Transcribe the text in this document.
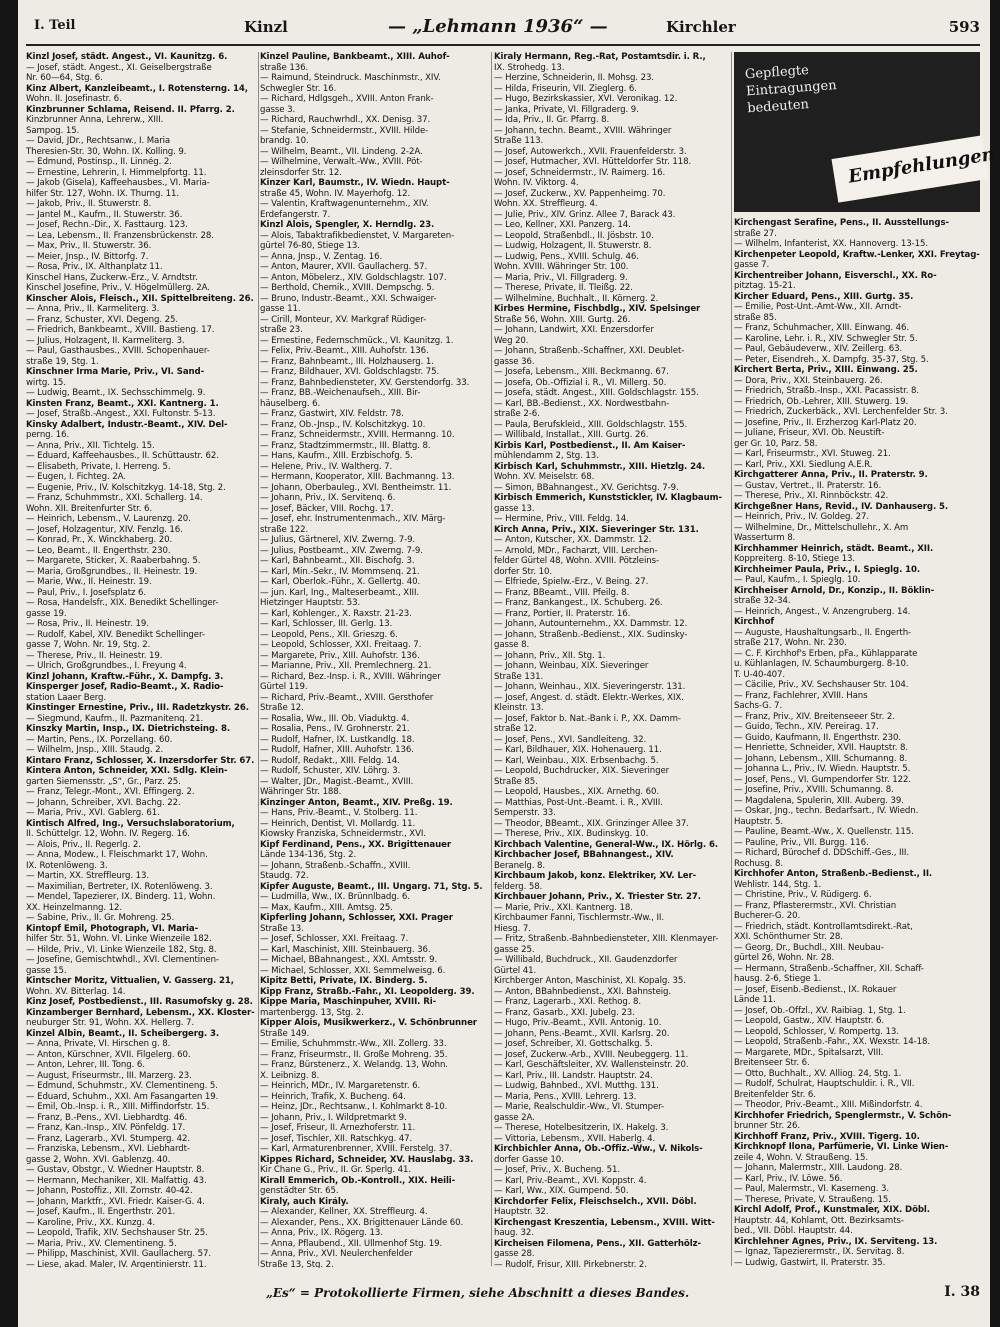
I. Teil	Kinzl	— „Lehmann 1936“ —	Kirchler	593
Kinzl Josef, städt. Angest., VI. Kaunitzg. 6.
— Josef, städt. Angest., XI. Geiselbergstraße
Nr. 60—64, Stg. 6.
Kinz Albert, Kanzleibeamt., I. Rotensterng. 14,
Wohn. II. Josefinastr. 6.
Kinzbrunner Schlama, Reisend. II. Pfarrg. 2.
Kinzbrunner Anna, Lehrerw., XIII.
Sampog. 15.
— David, JDr., Rechtsanw., I. Maria
Theresien-Str. 30, Wohn. IX. Kolling. 9.
— Edmund, Postinsp., II. Linnég. 2.
— Ernestine, Lehrerin, I. Himmelpfortg. 11.
— Jakob (Gisela), Kaffeehausbes., VI. Maria-
hilfer Str. 127, Wohn. IX. Thurng. 11.
— Jakob, Priv., II. Stuwerstr. 8.
— Jantel M., Kaufm., II. Stuwerstr. 36.
— Josef, Rechn.-Dir., X. Fasttaurg. 123.
— Lea, Lebensm., II. Franzensbrückenstr. 28.
— Max, Priv., II. Stuwerstr. 36.
— Meier, Jnsp., IV. Bittorfg. 7.
— Rosa, Priv., IX. Althanplatz 11.
Kinschel Hans, Zuckerw.-Erz., V. Arndtstr.
Kinschel Josefine, Priv., V. Högelmüllerg. 2A.
Kinscher Alois, Fleisch., XII. Spittelbreiteng. 26.
— Anna, Priv., II. Karmeliterg. 3.
— Franz, Schuster, XVI. Degeng. 25.
— Friedrich, Bankbeamt., XVIII. Bastieng. 17.
— Julius, Holzagent, II. Karmeliterg. 3.
— Paul, Gasthausbes., XVIII. Schopenhauer-
straße 19, Stg. 1.
Kinschner Irma Marie, Priv., VI. Sand-
wirtg. 15.
— Ludwig, Beamt., IX. Sechsschimmelg. 9.
Kinsten Franz, Beamt., XXI. Kantnerg. 1.
— Josef, Straßb.-Angest., XXI. Fultonstr. 5-13.
Kinsky Adalbert, Industr.-Beamt., XIV. Del-
perng. 16.
— Anna, Priv., XII. Tichtelg. 15.
— Eduard, Kaffeehausbes., II. Schüttaustr. 62.
— Elisabeth, Private, I. Herreng. 5.
— Eugen, I. Fichteg. 2A.
— Eugenie, Priv., IV. Kolschitzkyg. 14-18, Stg. 2.
— Franz, Schuhmmstr., XXI. Schallerg. 14.
Wohn. XII. Breitenfurter Str. 6.
— Heinrich, Lebensm., V. Laurenzg. 20.
— Josef, Holzagentur, XIV. Fenzlg. 16.
— Konrad, Pr., X. Winckhaberg. 20.
— Leo, Beamt., II. Engerthstr. 230.
— Margarete, Sticker, X. Raaberbahng. 5.
— Maria, Großgrundbes., II. Heinestr. 19.
— Marie, Ww., II. Heinestr. 19.
— Paul, Priv., I. Josefsplatz 6.
— Rosa, Handelsfr., XIX. Benedikt Schellinger-
gasse 19.
— Rosa, Priv., II. Heinestr. 19.
— Rudolf, Kabel, XIV. Benedikt Schellinger-
gasse 7, Wohn. Nr. 19, Stg. 2.
— Therese, Priv., II. Heinestr. 19.
— Ulrich, Großgrundbes., I. Freyung 4.
Kinzl Johann, Kraftw.-Führ., X. Dampfg. 3.
Kinsperger Josef, Radio-Beamt., X. Radio-
station Laaer Berg.
Kinstinger Ernestine, Priv., III. Radetzkystr. 26.
— Siegmund, Kaufm., II. Pazmanitenq. 21.
Kinszky Martin, Insp., IX. Dietrichsteing. 8.
— Martin, Pens., IX. Porzellang. 60.
— Wilhelm, Jnsp., XIII. Staudg. 2.
Kintaro Franz, Schlosser, X. Inzersdorfer Str. 67.
Kintera Anton, Schneider, XXI. Sdlg. Klein-
garten Siemensstr. „S“, Gr., Parz. 25.
— Franz, Telegr.-Mont., XVI. Effingerg. 2.
— Johann, Schreiber, XVI. Bachg. 22.
— Maria, Priv., XVI. Gablerg. 61.
Kintisch Alfred, Ing., Versuchslaboratorium,
II. Schüttelgr. 12, Wohn. IV. Regerg. 16.
— Alois, Priv., II. Regerlg. 2.
— Anna, Modew., I. Fleischmarkt 17, Wohn.
IX. Rotenlöweng. 3.
— Martin, XX. Streffleurg. 13.
— Maximilian, Bertreter, IX. Rotenlöweng. 3.
— Mendel, Tapezierer, IX. Binderg. 11, Wohn.
XX. Heinzelmanng. 12.
— Sabine, Priv., II. Gr. Mohreng. 25.
Kintopf Emil, Photograph, VI. Maria-
hilfer Str. 51, Wohn. VI. Linke Wienzeile 182.
— Hilde, Priv., VI. Linke Wienzeile 182, Stg. 8.
— Josefine, Gemischtwhdl., XVI. Clementinen-
gasse 15.
Kintscher Moritz, Vittualien, V. Gasserg. 21,
Wohn. XV. Bitterlag. 14.
Kinz Josef, Postbedienst., III. Rasumofsky g. 28.
Kinzamberger Bernhard, Lebensm., XX. Kloster-
neuburger Str. 91, Wohn. XX. Hellerg. 7.
Kinzel Albin, Beamt., II. Scheibergerg. 3.
— Anna, Private, VI. Hirschen g. 8.
— Anton, Kürschner, XVII. Filgelerg. 60.
— Anton, Lehrer, III. Tong. 6.
— August, Friseurmstr., III. Marzerg. 23.
— Edmund, Schuhmstr., XV. Clementineng. 5.
— Eduard, Schuhm., XXI. Am Fasangarten 19.
— Emil, Ob.-Insp. i. R., XIII. Miffindorfstr. 15.
— Franz, B.-Pens., XVI. Liebhardtg. 46.
— Franz, Kan.-Insp., XIV. Pönfeldg. 17.
— Franz, Lagerarb., XVI. Stumperg. 42.
— Franziska, Lebensm., XVI. Liebhardt-
gasse 2, Wohn. XVI. Gablenzg. 40.
— Gustav, Obstgr., V. Wiedner Hauptstr. 8.
— Hermann, Mechaniker, XII. Malfattig. 43.
— Johann, Postoffiz., XII. Zornstr. 40-42.
— Johann, Marktfr., XVI. Friedr. Kaiser-G. 4.
— Josef, Kaufm., II. Engerthstr. 201.
— Karoline, Priv., XX. Kunzg. 4.
— Leopold, Trafik, XIV. Sechshauser Str. 25.
— Maria, Priv., XV. Clementineng. 5.
— Philipp, Maschinist, XVII. Gaullacherg. 57.
— Liese, akad. Maler, IV. Argentinierstr. 11.
Kinzel Pauline, Bankbeamt., XIII. Auhof-
straße 136.
— Raimund, Steindruck. Maschinmstr., XIV.
Schwegler Str. 16.
— Richard, Hdlgsgeh., XVIII. Anton Frank-
gasse 3.
— Richard, Rauchwrhdl., XX. Denisg. 37.
— Stefanie, Schneidermstr., XVIII. Hilde-
brandg. 10.
— Wilhelm, Beamt., VII. Lindeng. 2-2A.
— Wilhelmine, Verwalt.-Ww., XVIII. Pöt-
zleinsdorfer Str. 12.
Kinzer Karl, Baumstr., IV. Wiedn. Haupt-
straße 45, Wohn. IV. Mayerhofg. 12.
— Valentin, Kraftwagenunternehm., XIV.
Erdefangerstr. 7.
Kinzl Alois, Spengler, X. Herndlg. 23.
— Alois, Tabaktrafikbedienstet, V. Margareten-
gürtel 76-80, Stiege 13.
— Anna, Jnsp., V. Zentag. 16.
— Anton, Maurer, XVII. Gaullacherg. 57.
— Anton, Möbelerz., XIV. Goldschlagstr. 107.
— Berthold, Chemik., XVIII. Dempschg. 5.
— Bruno, Industr.-Beamt., XXI. Schwaiger-
gasse 11.
— Cirill, Monteur, XV. Markgraf Rüdiger-
straße 23.
— Ernestine, Federnschmück., VI. Kaunitzg. 1.
— Felix, Priv.-Beamt., XIII. Auhofstr. 136.
— Franz, Bahnbeamt., III. Holzhauserg. 1.
— Franz, Bildhauer, XVI. Goldschlagstr. 75.
— Franz, Bahnbediensteter, XV. Gerstendorfg. 33.
— Franz, BB.-Weichenaufseh., XIII. Bir-
häuselberg. 6.
— Franz, Gastwirt, XIV. Feldstr. 78.
— Franz, Ob.-Jnsp., IV. Kolschitzkyg. 10.
— Franz, Schneidermstr., XVIII. Hermanng. 10.
— Franz, Stadtzimmermstr., III. Blattg. 8.
— Hans, Kaufm., XIII. Erzbischofg. 5.
— Helene, Priv., IV. Waltherg. 7.
— Hermann, Kooperator, XIII. Bachmanng. 13.
— Johann, Oberbauleg., XVI. Bentheimstr. 11.
— Johann, Priv., IX. Servitenq. 6.
— Josef, Bäcker, VIII. Rochg. 17.
— Josef, ehr. Instrumentenmach., XIV. Märg-
straße 122.
— Julius, Gärtnerel, XIV. Zwerng. 7-9.
— Julius, Postbeamt., XIV. Zwerng. 7-9.
— Karl, Bahnbeamt., XII. Bischofg. 3.
— Karl, Min.-Sekr., IV. Mommsenq. 21.
— Karl, Oberlok.-Führ., X. Gellertg. 40.
— jun. Karl, Ing., Malteserbeamt., XIII.
Hietzinger Hauptstr. 53.
— Karl, Kohlenger., X. Raxstr. 21-23.
— Karl, Schlosser, III. Gerlg. 13.
— Leopold, Pens., XII. Grieszg. 6.
— Leopold, Schlosser, XXI. Freitaag. 7.
— Margarete, Priv., XIII. Auhofstr. 136.
— Marianne, Priv., XII. Premlechnerg. 21.
— Richard, Bez.-Insp. i. R., XVIII. Währinger
Gürtel 119.
— Richard, Priv.-Beamt., XVIII. Gersthofer
Straße 12.
— Rosalia, Ww., III. Ob. Viaduktg. 4.
— Rosalia, Pens., IV. Grohnerstr. 21.
— Rudolf, Hafner, IX. Lustkandlg. 18.
— Rudolf, Hafner, XIII. Auhofstr. 136.
— Rudolf, Redakt., XIII. Feldg. 14.
— Rudolf, Schuster, XIV. Löhrg. 3.
— Walter, JDr., Magist.-Beamt., XVIII.
Währinger Str. 188.
Kinzinger Anton, Beamt., XIV. Preßg. 19.
— Hans, Priv.-Beamt., V. Stolberg. 11.
— Heinrich, Dentist, VI. Mollardg. 11.
Kiowsky Franziska, Schneidermstr., XVI.
Kipf Ferdinand, Pens., XX. Brigittenauer
Lände 134-136, Stg. 2.
— Johann, Straßenb.-Schaffn., XVIII.
Staudg. 72.
Kipfer Auguste, Beamt., III. Ungarg. 71, Stg. 5.
— Ludmilla, Ww., IX. Brünnlbadg. 6.
— Max, Kaufm., XIII. Amtsg. 25.
Kipferling Johann, Schlosser, XXI. Prager
Straße 13.
— Josef, Schlosser, XXI. Freitaag. 7.
— Karl, Maschinist, XIII. Steinbauerg. 36.
— Michael, BBahnangest., XXI. Amtsstr. 9.
— Michael, Schlosser, XXI. Semmelweisg. 6.
Kipitz Betti, Private, IX. Binderg. 5.
Kipp Franz, Straßb.-Fahr., XI. Leopolderg. 39.
Kippe Maria, Maschinpuher, XVIII. Ri-
martenbergg. 13, Stg. 2.
Kipper Alois, Musikwerkerz., V. Schönbrunner
Straße 149.
— Emilie, Schuhmmstr.-Ww., XII. Zollerg. 33.
— Franz, Friseurmstr., II. Große Mohreng. 35.
— Franz, Bürstenerz., X. Welandg. 13, Wohn.
X. Leibnizg. 8.
— Heinrich, MDr., IV. Margaretenstr. 6.
— Heinrich, Trafik, X. Bucheng. 64.
— Heinz, JDr., Rechtsanw., I. Kohlmarkt 8-10.
— Johann, Priv., I. Wildpretmarkt 9.
— Josef, Friseur, II. Arnezhoferstr. 11.
— Josef, Tischler, XII. Ratschkyg. 47.
— Karl, Armaturenbrenner, XVIII. Ferstelg. 37.
Kippes Richard, Schneider, XV. Hauslabg. 33.
Kir Chane G., Priv., II. Gr. Sperlg. 41.
Kirall Emmerich, Ob.-Kontroll., XIX. Heili-
genstädter Str. 65.
Kiraly, auch Király.
— Alexander, Kellner, XX. Streffleurg. 4.
— Alexander, Pens., XX. Brigittenauer Lände 60.
— Anna, Priv., IX. Rögerg. 13.
— Anna, Pflaubend., XII. Ullmenhof Stg. 19.
— Anna, Priv., XVI. Neulerchenfelder
Straße 13, Stg. 2.
Kiraly Hermann, Reg.-Rat, Postamtsdir. i. R.,
IX. Strohedg. 13.
— Herzine, Schneiderin, II. Mohsg. 23.
— Hilda, Friseurin, VII. Zieglerg. 6.
— Hugo, Bezirkskassier, XVI. Veronikag. 12.
— Janka, Private, VI. Fillgraderg. 9.
— Ida, Priv., II. Gr. Pfarrg. 8.
— Johann, techn. Beamt., XVIII. Währinger
Straße 113.
— Josef, Autowerkch., XVII. Frauenfelderstr. 3.
— Josef, Hutmacher, XVI. Hütteldorfer Str. 118.
— Josef, Schneidermstr., IV. Raimerg. 16.
Wohn. IV. Viktorg. 4.
— Josef, Zuckerw., XV. Pappenheimg. 70.
Wohn. XX. Streffleurg. 4.
— Julie, Priv., XIV. Grinz. Allee 7, Barack 43.
— Leo, Kellner, XXI. Panzerg. 14.
— Leopold, Straßenbdl., II. Jösbstr. 10.
— Ludwig, Holzagent, II. Stuwerstr. 8.
— Ludwig, Pens., XVIII. Schulg. 46.
Wohn. XVIII. Währinger Str. 100.
— Maria, Priv., VI. Fillgraderg. 9.
— Therese, Private, II. Tleißg. 22.
— Wilhelmine, Buchhalt., II. Körnerg. 2.
Kirbes Hermine, Fischbdlg., XIV. Spelsinger
Straße 56, Wohn. XIII. Gurtg. 26.
— Johann, Landwirt, XXI. Enzersdorfer
Weg 20.
— Johann, Straßenb.-Schaffner, XXI. Deublet-
gasse 36.
— Josefa, Lebensm., XIII. Beckmanng. 67.
— Josefa, Ob.-Offizial i. R., VI. Millerg. 50.
— Josefa, städt. Angest., XIII. Goldschlagstr. 155.
— Karl, BB.-Bedienst., XX. Nordwestbahn-
straße 2-6.
— Paula, Berufskleid., XIII. Goldschlagstr. 155.
— Willibald, Installat., XIII. Gurtg. 26.
Kirbis Karl, Postbedienst., II. Am Kaiser-
mühlendamm 2, Stg. 13.
Kirbisch Karl, Schuhmmstr., XIII. Hietzlg. 24.
Wohn. XV. Meiselstr. 68.
— Simon, BBahnangest., XV. Gerichtsg. 7-9.
Kirbisch Emmerich, Kunststickler, IV. Klagbaum-
gasse 13.
— Hermine, Priv., VIII. Feldg. 14.
Kirch Anna, Priv., XIX. Sieveringer Str. 131.
— Anton, Kutscher, XX. Dammstr. 12.
— Arnold, MDr., Facharzt, VIII. Lerchen-
felder Gürtel 48, Wohn. XVIII. Pötzleins-
dorfer Str. 10.
— Elfriede, Spielw.-Erz., V. Being. 27.
— Franz, BBeamt., VIII. Pfeilg. 8.
— Franz, Bankangest., IX. Schuberg. 26.
— Franz, Portier, II. Praterstr. 16.
— Johann, Autounternehm., XX. Dammstr. 12.
— Johann, Straßenb.-Bedienst., XIX. Sudinsky-
gasse 8.
— Johann, Priv., XII. Stg. 1.
— Johann, Weinbau, XIX. Sieveringer
Straße 131.
— Johann, Weinhau., XIX. Sieveringerstr. 131.
— Josef, Angest. d. städt. Elektr.-Werkes, XIX.
Kleinstr. 13.
— Josef, Faktor b. Nat.-Bank i. P., XX. Damm-
straße 12.
— Josef, Pens., XVI. Sandleiteng. 32.
— Karl, Bildhauer, XIX. Hohenauerg. 11.
— Karl, Weinbau., XIX. Erbsenbachg. 5.
— Leopold, Buchdrucker, XIX. Sieveringer
Straße 85.
— Leopold, Hausbes., XIX. Arnethg. 60.
— Matthias, Post-Unt.-Beamt. i. R., XVIII.
Semperstr. 33.
— Theodor, BBeamt., XIX. Grinzinger Allee 37.
— Therese, Priv., XIX. Budinskyg. 10.
Kirchbach Valentine, General-Ww., IX. Hörlg. 6.
Kirchbacher Josef, BBahnangest., XIV.
Beranelg. 8.
Kirchbaum Jakob, konz. Elektriker, XV. Ler-
felderg. 58.
Kirchbauer Johann, Priv., X. Triester Str. 27.
— Marie, Priv., XXI. Kantnerg. 18.
Kirchbaumer Fanni, Tischlermstr.-Ww., II.
Hiesg. 7.
— Fritz, Straßenb.-Bahnbediensteter, XIII. Klenmayer-
gasse 25.
— Willibald, Buchdruck., XII. Gaudenzdorfer
Gürtel 41.
Kirchberger Anton, Maschinist, XI. Kopalg. 35.
— Anton, BBahnbedienst., XXI. Bahnsteig.
— Franz, Lagerarb., XXI. Rethog. 8.
— Franz, Gasarb., XXI. Jubelg. 23.
— Hugo, Priv.-Beamt., XVII. Antonig. 10.
— Johann, Pens.-Beamt., XVII. Karlsrg. 20.
— Josef, Schreiber, XI. Gottschalkg. 5.
— Josef, Zuckerw.-Arb., XVIII. Neubeggerg. 11.
— Karl, Geschäftsleiter, XV. Wallensteinstr. 20.
— Karl, Priv., III. Landstr. Hauptstr. 24.
— Ludwig, Bahnbed., XVI. Mutthg. 131.
— Maria, Pens., XVIII. Lehrerg. 13.
— Marie, Realschuldir.-Ww., VI. Stumper-
gasse 2A.
— Therese, Hotelbesitzerin, IX. Hakelg. 3.
— Vittoria, Lebensm., XVII. Haberlg. 4.
Kirchbichler Anna, Ob.-Offiz.-Ww., V. Nikols-
dorfer Gasse 10.
— Josef, Priv., X. Bucheng. 51.
— Karl, Priv.-Beamt., XVI. Koppstr. 4.
— Karl, Ww., XIX. Gumpend. 50.
Kirchdorfer Felix, Fleischselch., XVII. Döbl.
Hauptstr. 32.
Kirchengast Kreszentia, Lebensm., XVIII. Witt-
haug. 32.
Kircheisen Filomena, Pens., XII. Gatterhölz-
gasse 28.
— Rudolf, Frisur, XIII. Pirkebnerstr. 2.
Gepflegte Eintragungen bedeuten
Empfehlungen
Kirchengast Serafine, Pens., II. Ausstellungs-
straße 27.
— Wilhelm, Infanterist, XX. Hannoverg. 13-15.
Kirchenpeter Leopold, Kraftw.-Lenker, XXI. Freytag-
gasse 7.
Kirchentreiber Johann, Eisverschl., XX. Ro-
pitztag. 15-21.
Kircher Eduard, Pens., XIII. Gurtg. 35.
— Emilie, Post-Unt.-Amt-Ww., XII. Arndt-
straße 85.
— Franz, Schuhmacher, XIII. Einwang. 46.
— Karoline, Lehr. i. R., XIV. Schwegler Str. 5.
— Paul, Gebäudeverw., XIV. Zeillerg. 63.
— Peter, Eisendreh., X. Dampfg. 35-37, Stg. 5.
Kirchert Berta, Priv., XIII. Einwang. 25.
— Dora, Priv., XXI. Steinbauerg. 26.
— Friedrich, Straßb.-Insp., XXI. Pacassistr. 8.
— Friedrich, Ob.-Lehrer, XIII. Stuwerg. 19.
— Friedrich, Zuckerbäck., XVI. Lerchenfelder Str. 3.
— Josefine, Priv., II. Erzherzog Karl-Platz 20.
— Juliane, Friseur, XVI. Ob. Neustift-
ger Gr. 10, Parz. 58.
— Karl, Friseurmstr., XVI. Stuweg. 21.
— Karl, Priv., XXI. Siedlung A.E.R.
Kirchgatterer Anna, Priv., II. Praterstr. 9.
— Gustav, Vertret., II. Praterstr. 16.
— Therese, Priv., XI. Rinnböckstr. 42.
Kirchgeßner Hans, Revid., IV. Danhauserg. 5.
— Heinrich, Priv., IV. Goldeg. 27.
— Wilhelmine, Dr., Mittelschullehr., X. Am
Wasserturm 8.
Kirchhammer Heinrich, städt. Beamt., XII.
Koppreiterg. 8-10, Stiege 13.
Kirchheimer Paula, Priv., I. Spieglg. 10.
— Paul, Kaufm., I. Spieglg. 10.
Kirchheiser Arnold, Dr., Konzip., II. Böklin-
straße 32-34.
— Heinrich, Angest., V. Anzengruberg. 14.
Kirchhof
— Auguste, Haushaltungsarb., II. Engerth-
straße 217, Wohn. Nr. 230.
— C. F. Kirchhof's Erben, pFa., Kühlapparate
u. Kühlanlagen, IV. Schaumburgerg. 8-10.
T. U-40-407.
— Cäcilie, Priv., XV. Sechshauser Str. 104.
— Franz, Fachlehrer, XVIII. Hans
Sachs-G. 7.
— Franz, Priv., XIV. Breitenseeer Str. 2.
— Guido, Techn., XIV. Pereirag. 17.
— Guido, Kaufmann, II. Engerthstr. 230.
— Henriette, Schneider, XVII. Hauptstr. 8.
— Johann, Lebensm., XIII. Schumanng. 8.
— Johanna L., Priv., IV. Wiedn. Hauptstr. 5.
— Josef, Pens., VI. Gumpendorfer Str. 122.
— Josefine, Priv., XVIII. Schumanng. 8.
— Magdalena, Spulerin, XIII. Auberg. 39.
— Oskar, Jng., techn. Bedarfsart., IV. Wiedn.
Hauptstr. 5.
— Pauline, Beamt.-Ww., X. Quellenstr. 115.
— Pauline, Priv., VII. Burgg. 116.
— Richard, Bürochef d. DDSchiff.-Ges., III.
Rochusg. 8.
Kirchhofer Anton, Straßenb.-Bedienst., II.
Wehlistr. 144, Stg. 1.
— Christine, Priv., V. Rüdigerg. 6.
— Franz, Pflasterermstr., XVI. Christian
Bucherer-G. 20.
— Friedrich, städt. Kontrollamtsdirekt.-Rat,
XXI. Schönthurner Str. 28.
— Georg, Dr., Buchdl., XIII. Neubau-
gürtel 26, Wohn. Nr. 28.
— Hermann, Straßenb.-Schaffner, XII. Schaff-
hausg. 2-6, Stiege 1.
— Josef, Eisenb.-Bedienst., IX. Rokauer
Lände 11.
— Josef, Ob.-Offzl., XV. Raibiag. 1, Stg. 1.
— Leopold, Gastw., XIV. Hauptstr. 6.
— Leopold, Schlosser, V. Rompertg. 13.
— Leopold, Straßenb.-Fahr., XX. Wexstr. 14-18.
— Margarete, MDr., Spitalsarzt, VIII.
Breitenseer Str. 6.
— Otto, Buchhalt., XV. Alliog. 24, Stg. 1.
— Rudolf, Schulrat, Hauptschuldir. i. R., VII.
Breitenfelder Str. 6.
— Theodor, Priv.-Beamt., XIII. Mißindorfstr. 4.
Kirchhofer Friedrich, Spenglermstr., V. Schön-
brunner Str. 26.
Kirchhoff Franz, Priv., XVIII. Tigerg. 10.
Kirchknopf Ilona, Parfümerie, VI. Linke Wien-
zeile 4, Wohn. V. Straußeng. 15.
— Johann, Malermstr., XIII. Laudong. 28.
— Karl, Priv., IV. Löwe. 56.
— Paul, Malermstr., VI. Kaserneng. 3.
— Therese, Private, V. Straußeng. 15.
Kirchl Adolf, Prof., Kunstmaler, XIX. Döbl.
Hauptstr. 44, Kohlamt, Ott. Bezirksamts-
bed., VII. Döbl. Hauptstr. 44.
Kirchlehner Agnes, Priv., IX. Serviteng. 13.
— Ignaz, Tapezierermstr., IX. Servitag. 8.
— Ludwig, Gastwirt, II. Praterstr. 35.
„Es“ = Protokollierte Firmen, siehe Abschnitt a dieses Bandes.	I. 38
